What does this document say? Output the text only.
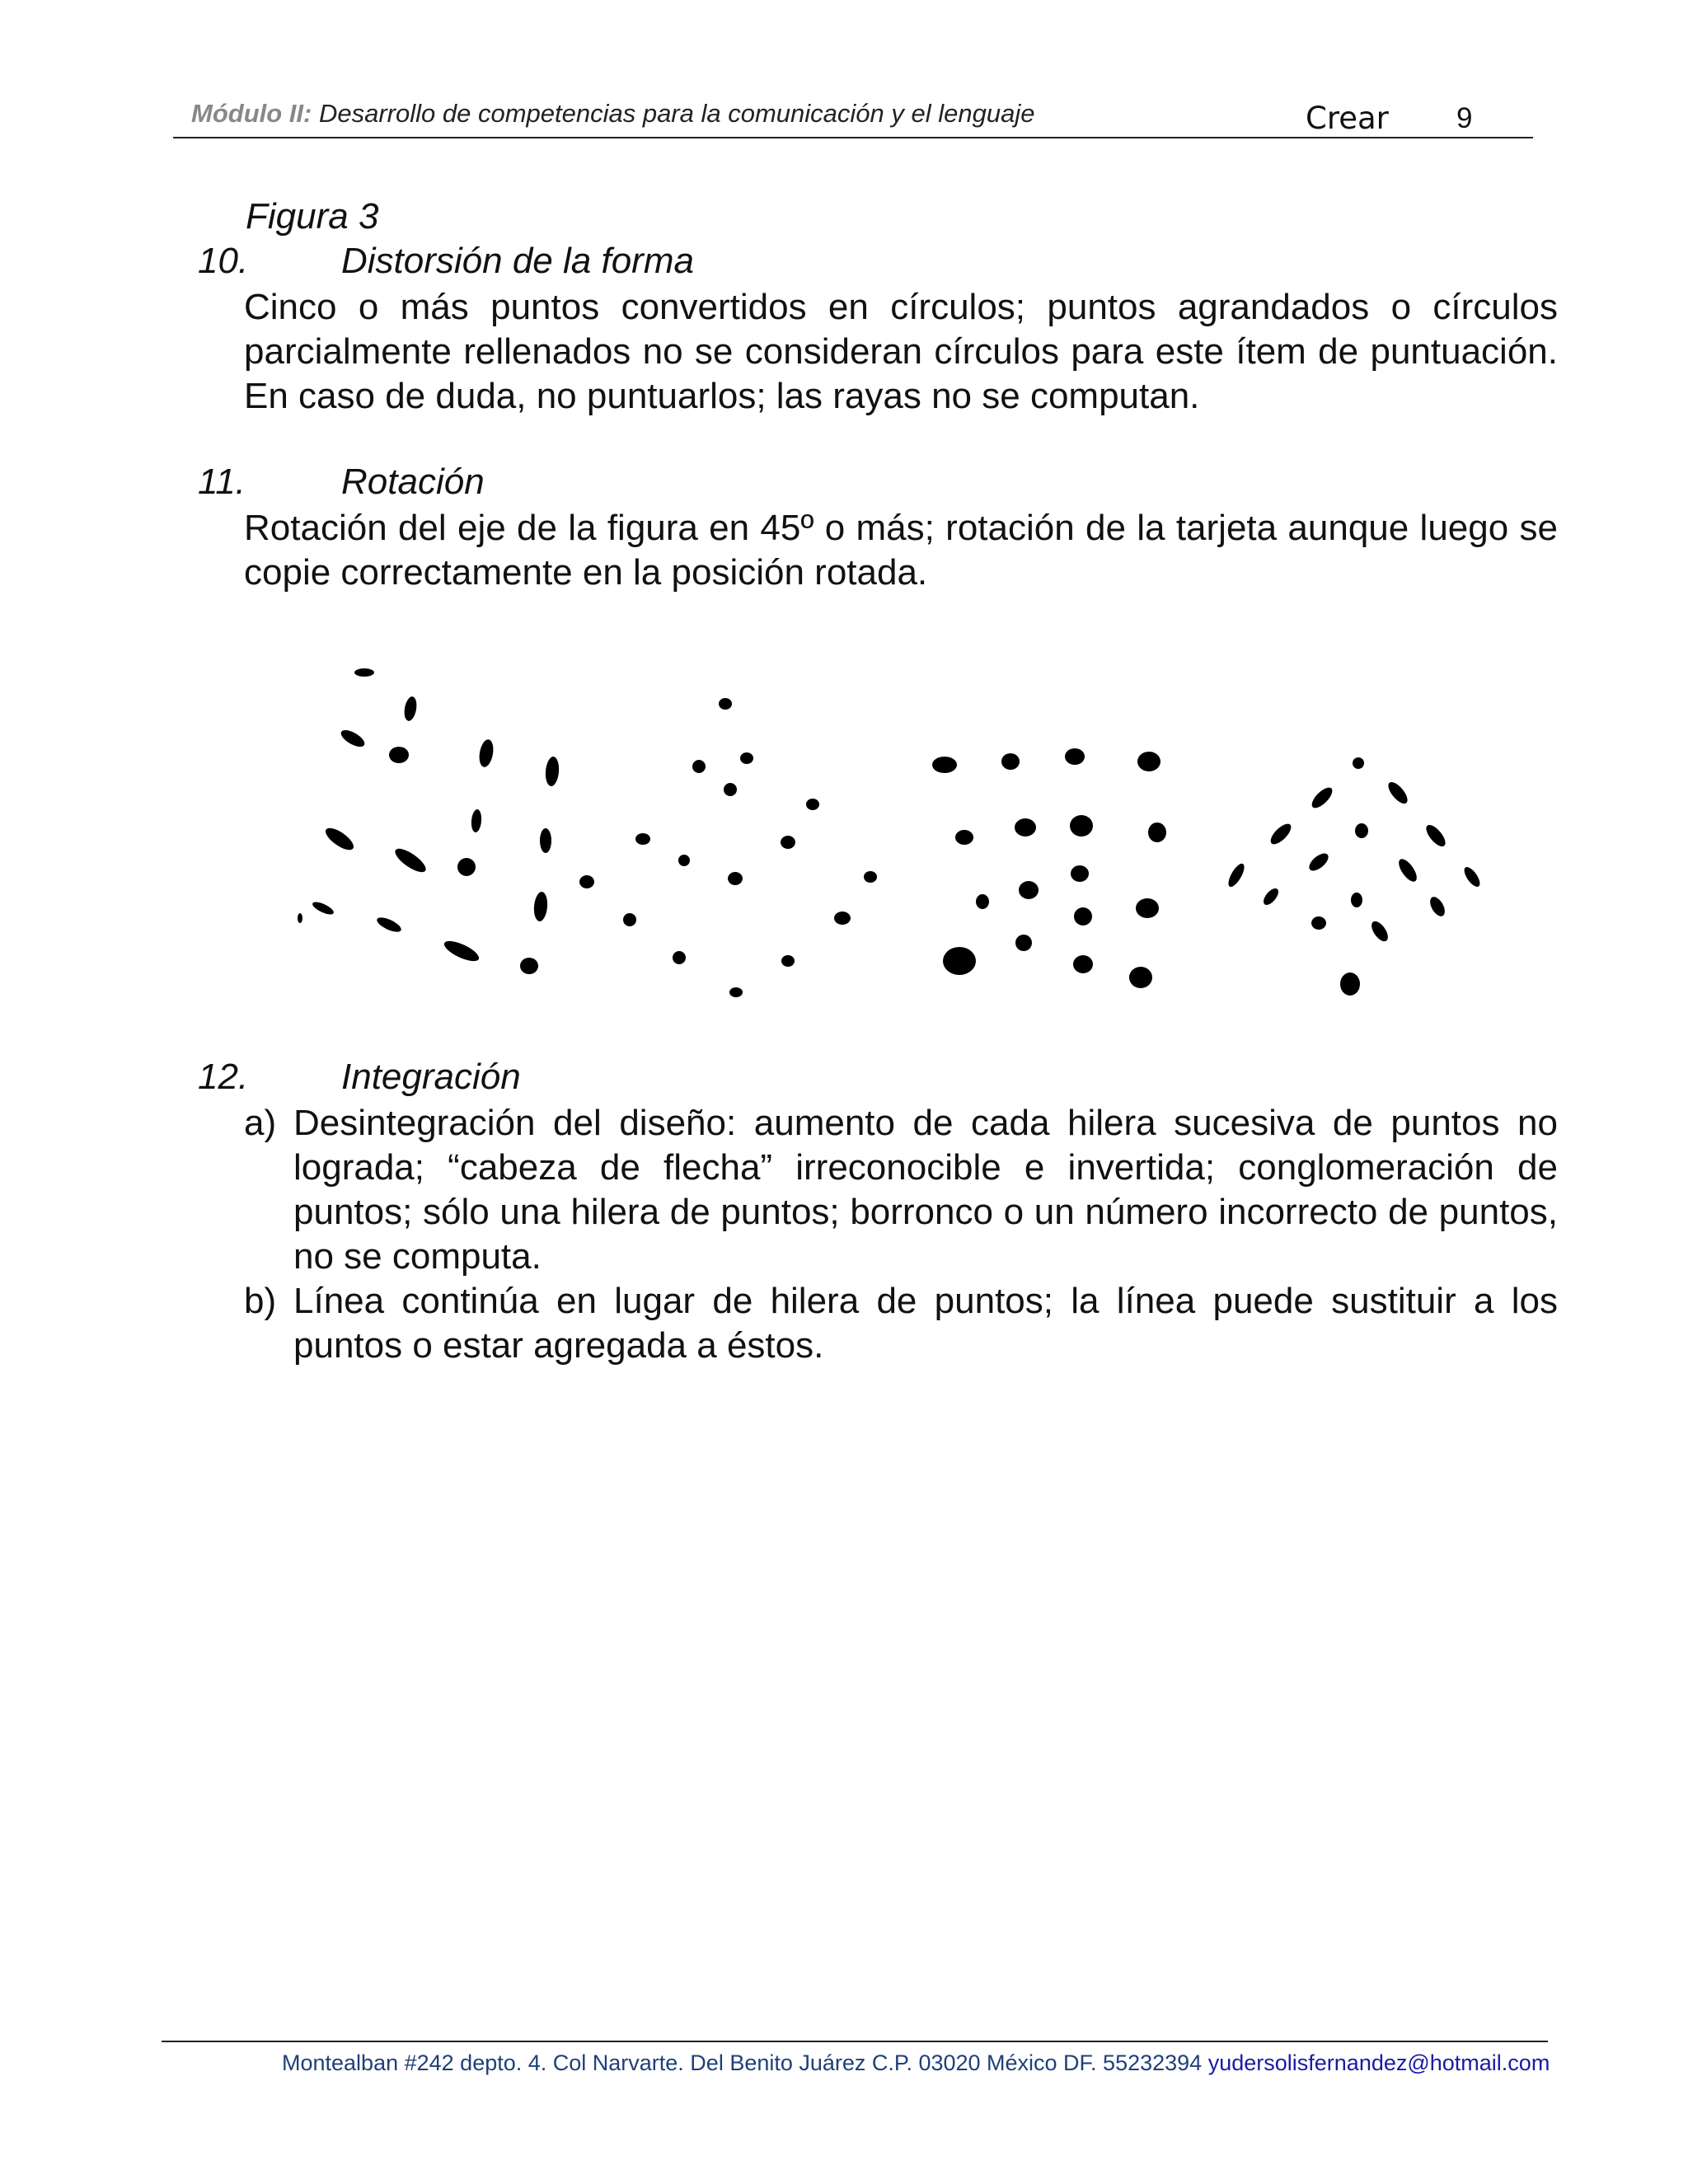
Módulo II: Desarrollo de competencias para la comunicación y el lenguaje	Crear 9
Figura 3
10.	Distorsión de la forma
Cinco o más puntos convertidos en círculos; puntos agrandados o círculos parcialmente rellenados no se consideran círculos para este ítem de puntuación. En caso de duda, no puntuarlos; las rayas no se computan.
11.	Rotación
Rotación del eje de la figura en 45º o más; rotación de la tarjeta aunque luego se copie correctamente en la posición rotada.
12.	Integración
a) Desintegración del diseño: aumento de cada hilera sucesiva de puntos no lograda; “cabeza de flecha” irreconocible e invertida; conglomeración de puntos; sólo una hilera de puntos; borronco o un número incorrecto de puntos, no se computa.
b) Línea continúa en lugar de hilera de puntos; la línea puede sustituir a los puntos o estar agregada a éstos.
Montealban #242 depto. 4. Col Narvarte. Del Benito Juárez C.P. 03020 México DF. 55232394 yudersolisfernandez@hotmail.com
